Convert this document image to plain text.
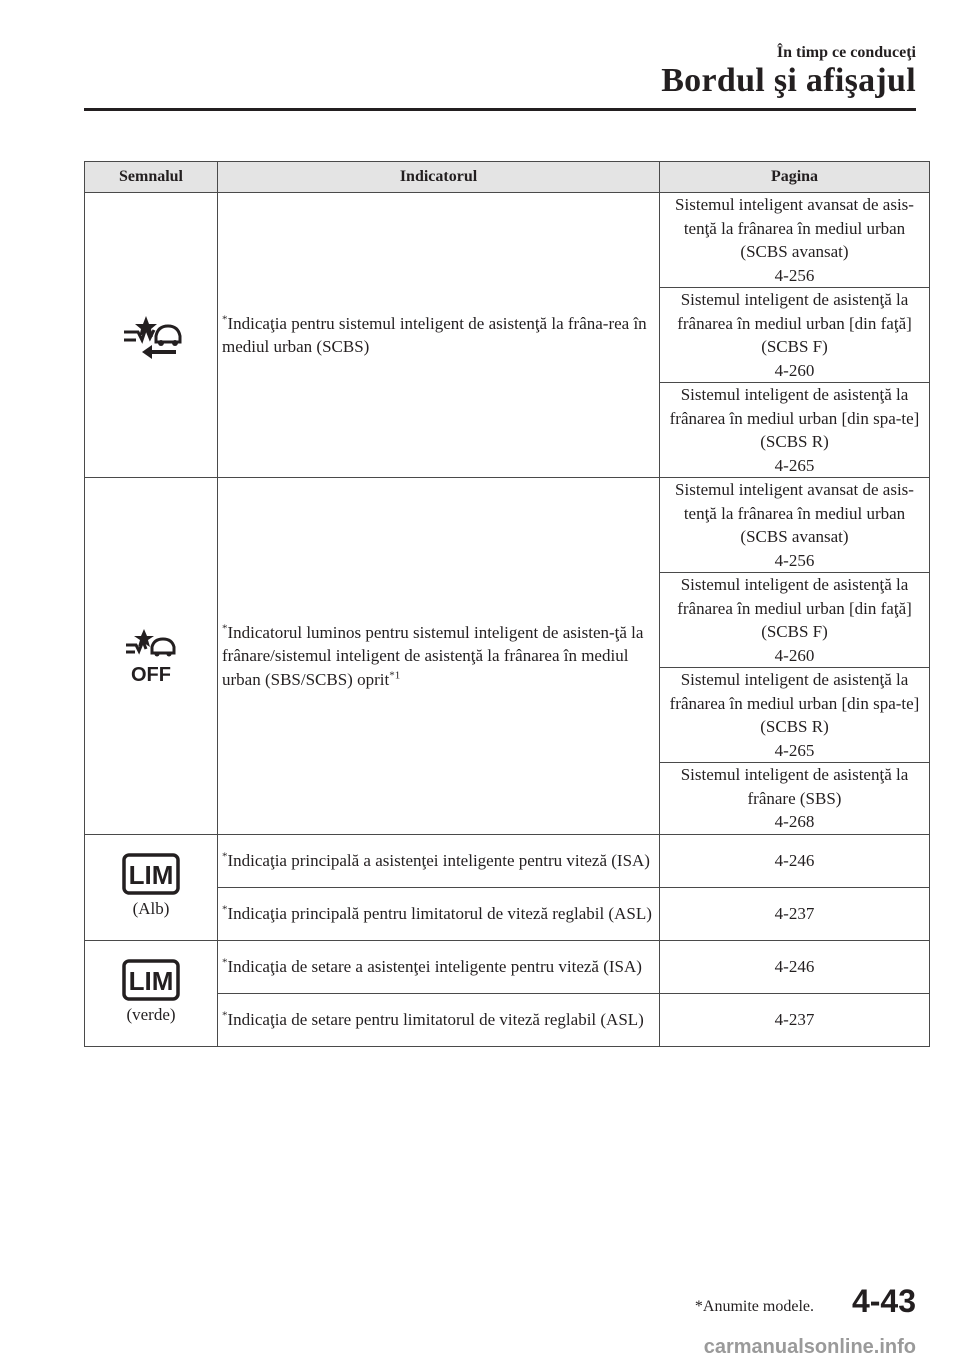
În timp ce conduceţi
Bordul şi afişajul
Semnalul	Indicatorul	Pagina

	*Indicaţia pentru sistemul inteligent de asistenţă la frâna-rea în mediul urban (SCBS)	Sistemul inteligent avansat de asis-tenţă la frânarea în mediul urban (SCBS avansat)
4-256

		Sistemul inteligent de asistenţă la frânarea în mediul urban [din faţă] (SCBS F)
4-260

		Sistemul inteligent de asistenţă la frânarea în mediul urban [din spa-te] (SCBS R)
4-265

OFF	*Indicatorul luminos pentru sistemul inteligent de asisten-ţă la frânare/sistemul inteligent de asistenţă la frânarea în mediul urban (SBS/SCBS) oprit$^{*1}$	Sistemul inteligent avansat de asis-tenţă la frânarea în mediul urban (SCBS avansat)
4-256

		Sistemul inteligent de asistenţă la frânarea în mediul urban [din faţă] (SCBS F)
4-260

		Sistemul inteligent de asistenţă la frânarea în mediul urban [din spa-te] (SCBS R)
4-265

		Sistemul inteligent de asistenţă la frânare (SBS)
4-268

LIM
(Alb)	*Indicaţia principală a asistenţei inteligente pentru viteză (ISA)	4-246

	*Indicaţia principală pentru limitatorul de viteză reglabil (ASL)	4-237

LIM
(verde)	*Indicaţia de setare a asistenţei inteligente pentru viteză (ISA)	4-246

	*Indicaţia de setare pentru limitatorul de viteză reglabil (ASL)	4-237
*Anumite modele. 4-43
carmanualsonline.info
